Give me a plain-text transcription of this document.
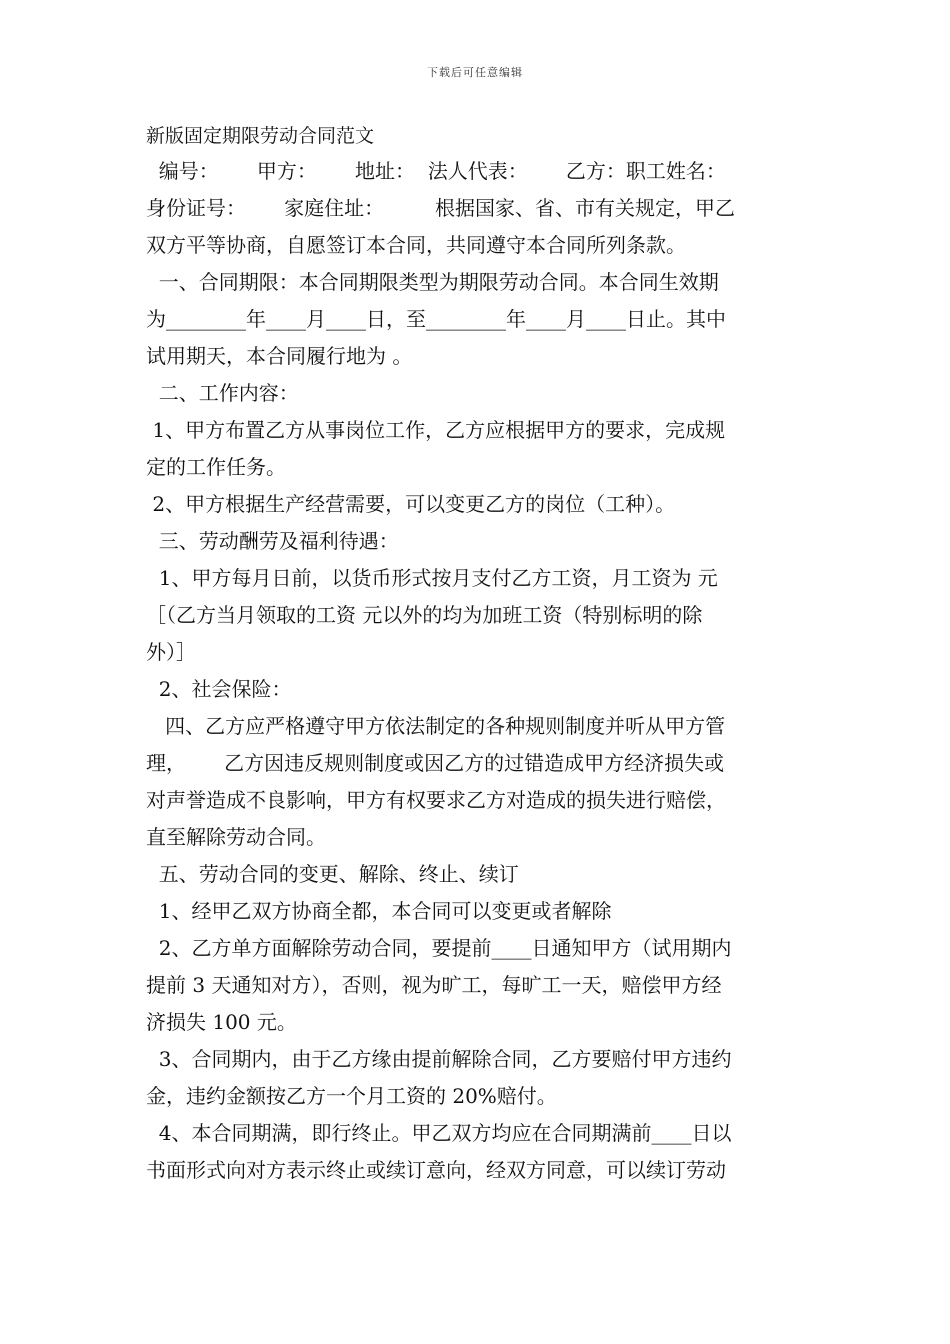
下载后可任意编辑
新版固定期限劳动合同范文
编号：      甲方：      地址：  法人代表：      乙方：职工姓名：
身份证号：      家庭住址：        根据国家、省、市有关规定，甲乙
双方平等协商，自愿签订本合同，共同遵守本合同所列条款。
一、合同期限：本合同期限类型为期限劳动合同。本合同生效期
为________年____月____日，至________年____月____日止。其中
试用期天，本合同履行地为 。
二、工作内容：
1、甲方布置乙方从事岗位工作，乙方应根据甲方的要求，完成规
定的工作任务。
2、甲方根据生产经营需要，可以变更乙方的岗位（工种）。
三、劳动酬劳及福利待遇：
1、甲方每月日前，以货币形式按月支付乙方工资，月工资为 元
［（乙方当月领取的工资 元以外的均为加班工资（特别标明的除
外）］
2、社会保险：
四、乙方应严格遵守甲方依法制定的各种规则制度并听从甲方管
理，      乙方因违反规则制度或因乙方的过错造成甲方经济损失或
对声誉造成不良影响，甲方有权要求乙方对造成的损失进行赔偿，
直至解除劳动合同。
五、劳动合同的变更、解除、终止、续订
1、经甲乙双方协商全都，本合同可以变更或者解除
2、乙方单方面解除劳动合同，要提前____日通知甲方（试用期内
提前 3 天通知对方），否则，视为旷工，每旷工一天，赔偿甲方经
济损失 100 元。
3、合同期内，由于乙方缘由提前解除合同，乙方要赔付甲方违约
金，违约金额按乙方一个月工资的 20%赔付。
4、本合同期满，即行终止。甲乙双方均应在合同期满前____日以
书面形式向对方表示终止或续订意向，经双方同意，可以续订劳动
